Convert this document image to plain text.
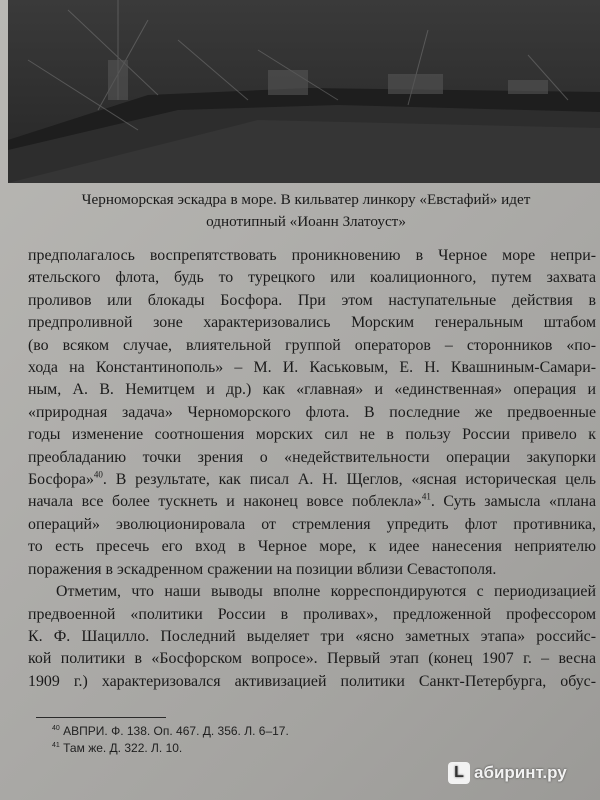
Черноморская эскадра в море. В кильватер линкору «Евстафий» идет
однотипный «Иоанн Златоуст»

предполагалось воспрепятствовать проникновению в Черное море непри-
ятельского флота, будь то турецкого или коалиционного, путем захвата
проливов или блокады Босфора. При этом наступательные действия в
предпроливной зоне характеризовались Морским генеральным штабом
(во всяком случае, влиятельной группой операторов – сторонников «по-
хода на Константинополь» – М. И. Каськовым, Е. Н. Квашниным-Самари-
ным, А. В. Немитцем и др.) как «главная» и «единственная» операция и
«природная задача» Черноморского флота. В последние же предвоенные
годы изменение соотношения морских сил не в пользу России привело к
преобладанию точки зрения о «недействительности операции закупорки
Босфора»$^{40}$. В результате, как писал А. Н. Щеглов, «ясная историческая цель
начала все более тускнеть и наконец вовсе поблекла»$^{41}$. Суть замысла «плана
операций» эволюционировала от стремления упредить флот противника,
то есть пресечь его вход в Черное море, к идее нанесения неприятелю
поражения в эскадренном сражении на позиции вблизи Севастополя.

Отметим, что наши выводы вполне корреспондируются с периодизацией
предвоенной «политики России в проливах», предложенной профессором
К. Ф. Шацилло. Последний выделяет три «ясно заметных этапа» российс-
кой политики в «Босфорском вопросе». Первый этап (конец 1907 г. – весна
1909 г.) характеризовался активизацией политики Санкт-Петербурга, обус-

$^{40}$ АВПРИ. Ф. 138. Оп. 467. Д. 356. Л. 6–17.
$^{41}$ Там же. Д. 322. Л. 10.
L абиринт.ру
